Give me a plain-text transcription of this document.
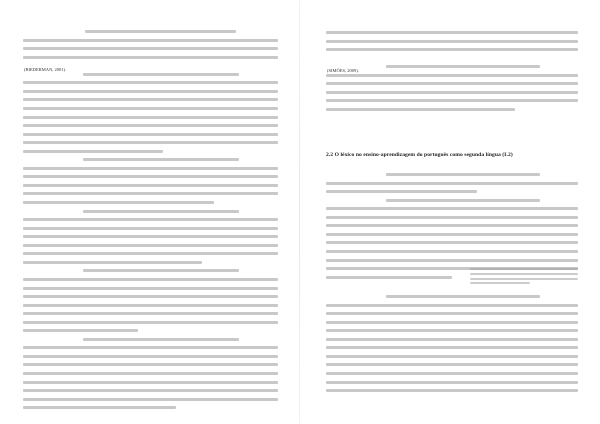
(BIEDERMAN, 2001).
2.2 O léxico no ensino-aprendizagem do português como segunda língua (L2)
(SIMÕES, 2009).
